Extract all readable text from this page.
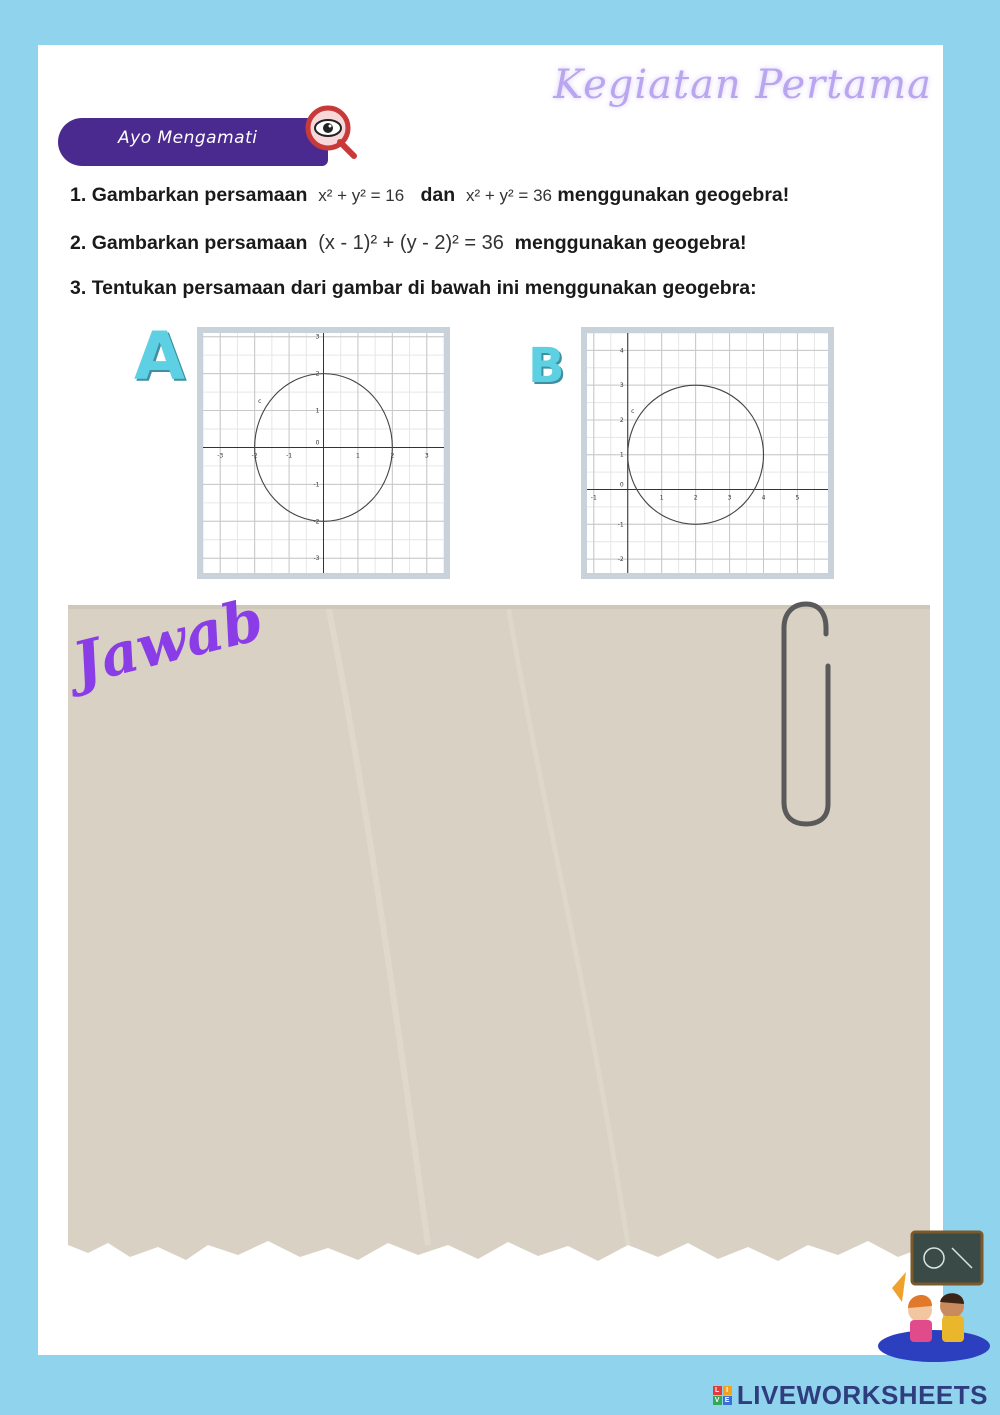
Kegiatan Pertama
Ayo Mengamati
1. Gambarkan persamaan x² + y² = 16 dan x² + y² = 36 menggunakan geogebra!
2. Gambarkan persamaan (x - 1)² + (y - 2)² = 36 menggunakan geogebra!
3. Tentukan persamaan dari gambar di bawah ini menggunakan geogebra:
A	B
-3	-2	-1	1	2	3
3
2
1
0
-1
-2
-3
c
-1	1	2	3	4	5
4
3
2
1
0
-1
-2
c
Jawab
L I
V E LIVEWORKSHEETS
